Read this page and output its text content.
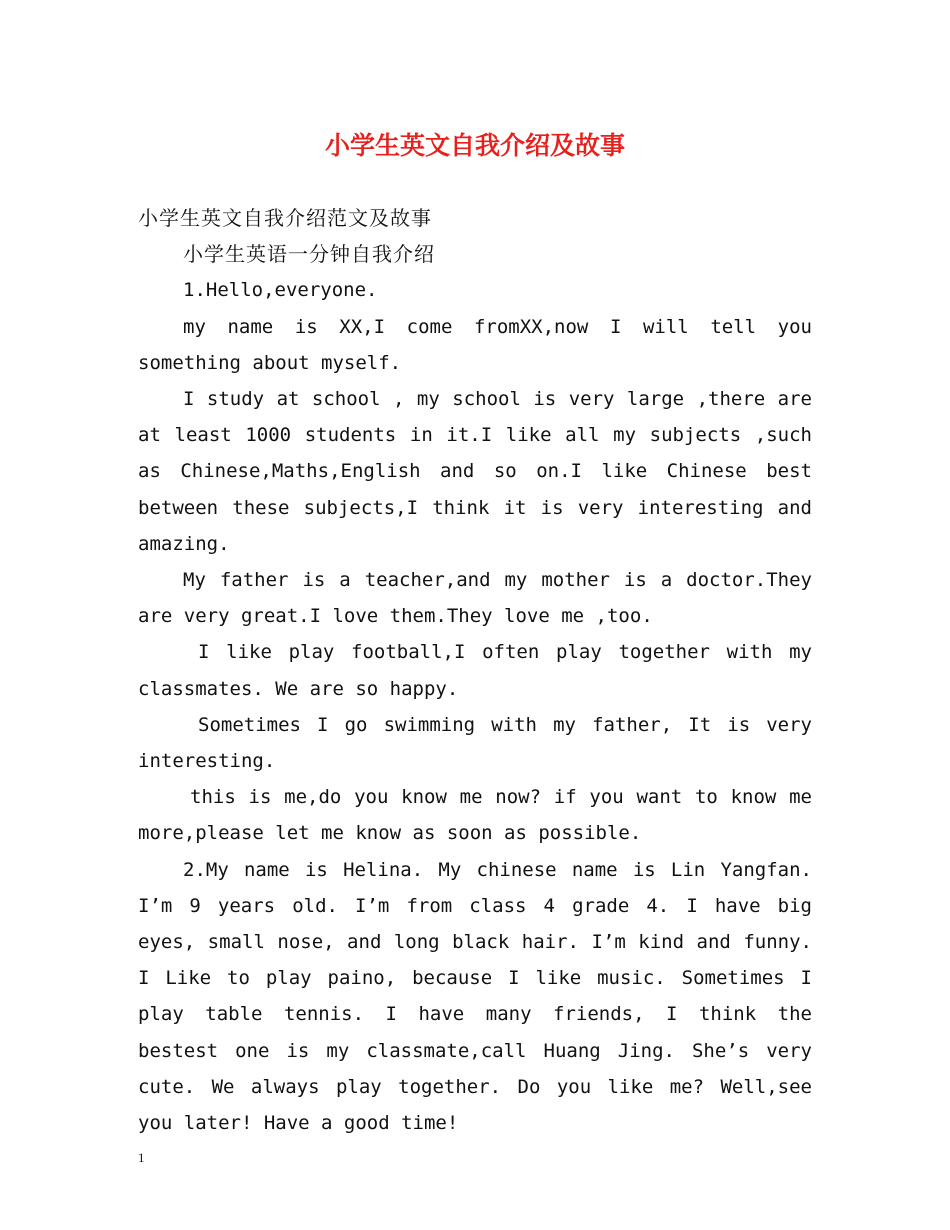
小学生英文自我介绍及故事

小学生英文自我介绍范文及故事

小学生英语一分钟自我介绍

1.Hello,everyone.

my name is XX,I come fromXX,now I will tell you something about myself.

I study at school , my school is very large ,there are at least 1000 students in it.I like all my subjects ,such as Chinese,Maths,English and so on.I like Chinese best between these subjects,I think it is very interesting and amazing.

My father is a teacher,and my mother is a doctor.They are very great.I love them.They love me ,too.

I like play football,I often play together with my classmates. We are so happy.

Sometimes I go swimming with my father, It is very interesting.

this is me,do you know me now? if you want to know me more,please let me know as soon as possible.

2.My name is Helina. My chinese name is Lin Yangfan. I’m 9 years old. I’m from class 4 grade 4. I have big eyes, small nose, and long black hair. I’m kind and funny. I Like to play paino, because I like music. Sometimes I play table tennis. I have many friends, I think the bestest one is my classmate,call Huang Jing. She’s very cute. We always play together. Do you like me? Well,see you later! Have a good time!

1
